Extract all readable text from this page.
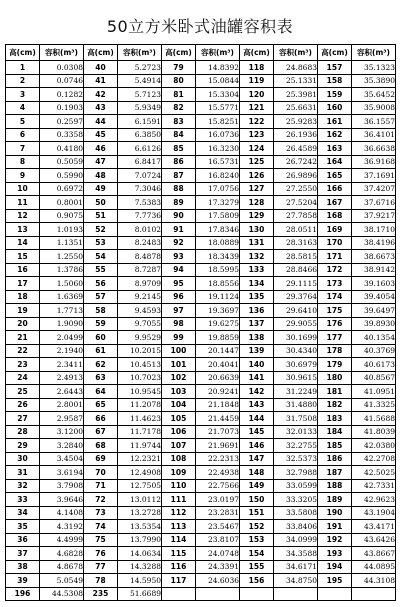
50立方米卧式油罐容积表
高(cm)	容积(m³)	高(cm)	容积(m³)	高(cm)	容积(m³)	高(cm)	容积(m³)	高(cm)	容积(m³)
1	0.0308	40	5.2723	79	14.8392	118	24.8683	157	35.1323
2	0.0746	41	5.4914	80	15.0844	119	25.1331	158	35.3890
3	0.1282	42	5.7123	81	15.3304	120	25.3981	159	35.6452
4	0.1903	43	5.9349	82	15.5771	121	25.6631	160	35.9008
5	0.2597	44	6.1591	83	15.8251	122	25.9283	161	36.1557
6	0.3358	45	6.3850	84	16.0736	123	26.1936	162	36.4101
7	0.4180	46	6.6126	85	16.3230	124	26.4589	163	36.6638
8	0.5059	47	6.8417	86	16.5731	125	26.7242	164	36.9168
9	0.5990	48	7.0724	87	16.8240	126	26.9896	165	37.1691
10	0.6972	49	7.3046	88	17.0756	127	27.2550	166	37.4207
11	0.8001	50	7.5383	89	17.3279	128	27.5204	167	37.6716
12	0.9075	51	7.7736	90	17.5809	129	27.7858	168	37.9217
13	1.0193	52	8.0102	91	17.8346	130	28.0511	169	38.1710
14	1.1351	53	8.2483	92	18.0889	131	28.3163	170	38.4196
15	1.2550	54	8.4878	93	18.3439	132	28.5815	171	38.6673
16	1.3786	55	8.7287	94	18.5995	133	28.8466	172	38.9142
17	1.5060	56	8.9709	95	18.8556	134	29.1115	173	39.1603
18	1.6369	57	9.2145	96	19.1124	135	29.3764	174	39.4054
19	1.7713	58	9.4593	97	19.3697	136	29.6410	175	39.6497
20	1.9090	59	9.7055	98	19.6275	137	29.9055	176	39.8930
21	2.0499	60	9.9529	99	19.8859	138	30.1699	177	40.1354
22	2.1940	61	10.2015	100	20.1447	139	30.4340	178	40.3769
23	2.3411	62	10.4513	101	20.4041	140	30.6979	179	40.6173
24	2.4913	63	10.7023	102	20.6639	141	30.9615	180	40.8567
25	2.6443	64	10.9545	103	20.9241	142	31.2249	181	41.0951
26	2.8001	65	11.2078	104	21.1848	143	31.4880	182	41.3325
27	2.9587	66	11.4623	105	21.4459	144	31.7508	183	41.5688
28	3.1200	67	11.7178	106	21.7073	145	32.0133	184	41.8039
29	3.2840	68	11.9744	107	21.9691	146	32.2755	185	42.0380
30	3.4504	69	12.2321	108	22.2313	147	32.5373	186	42.2708
31	3.6194	70	12.4908	109	22.4938	148	32.7988	187	42.5025
32	3.7908	71	12.7505	110	22.7566	149	33.0599	188	42.7331
33	3.9646	72	13.0112	111	23.0197	150	33.3205	189	42.9623
34	4.1408	73	13.2728	112	23.2831	151	33.5808	190	43.1904
35	4.3192	74	13.5354	113	23.5467	152	33.8406	191	43.4171
36	4.4999	75	13.7990	114	23.8107	153	34.0999	192	43.6426
37	4.6828	76	14.0634	115	24.0748	154	34.3588	193	43.8667
38	4.8678	77	14.3288	116	24.3391	155	34.6171	194	44.0895
39	5.0549	78	14.5950	117	24.6036	156	34.8750	195	44.3108
196	44.5308	235	51.6689						
